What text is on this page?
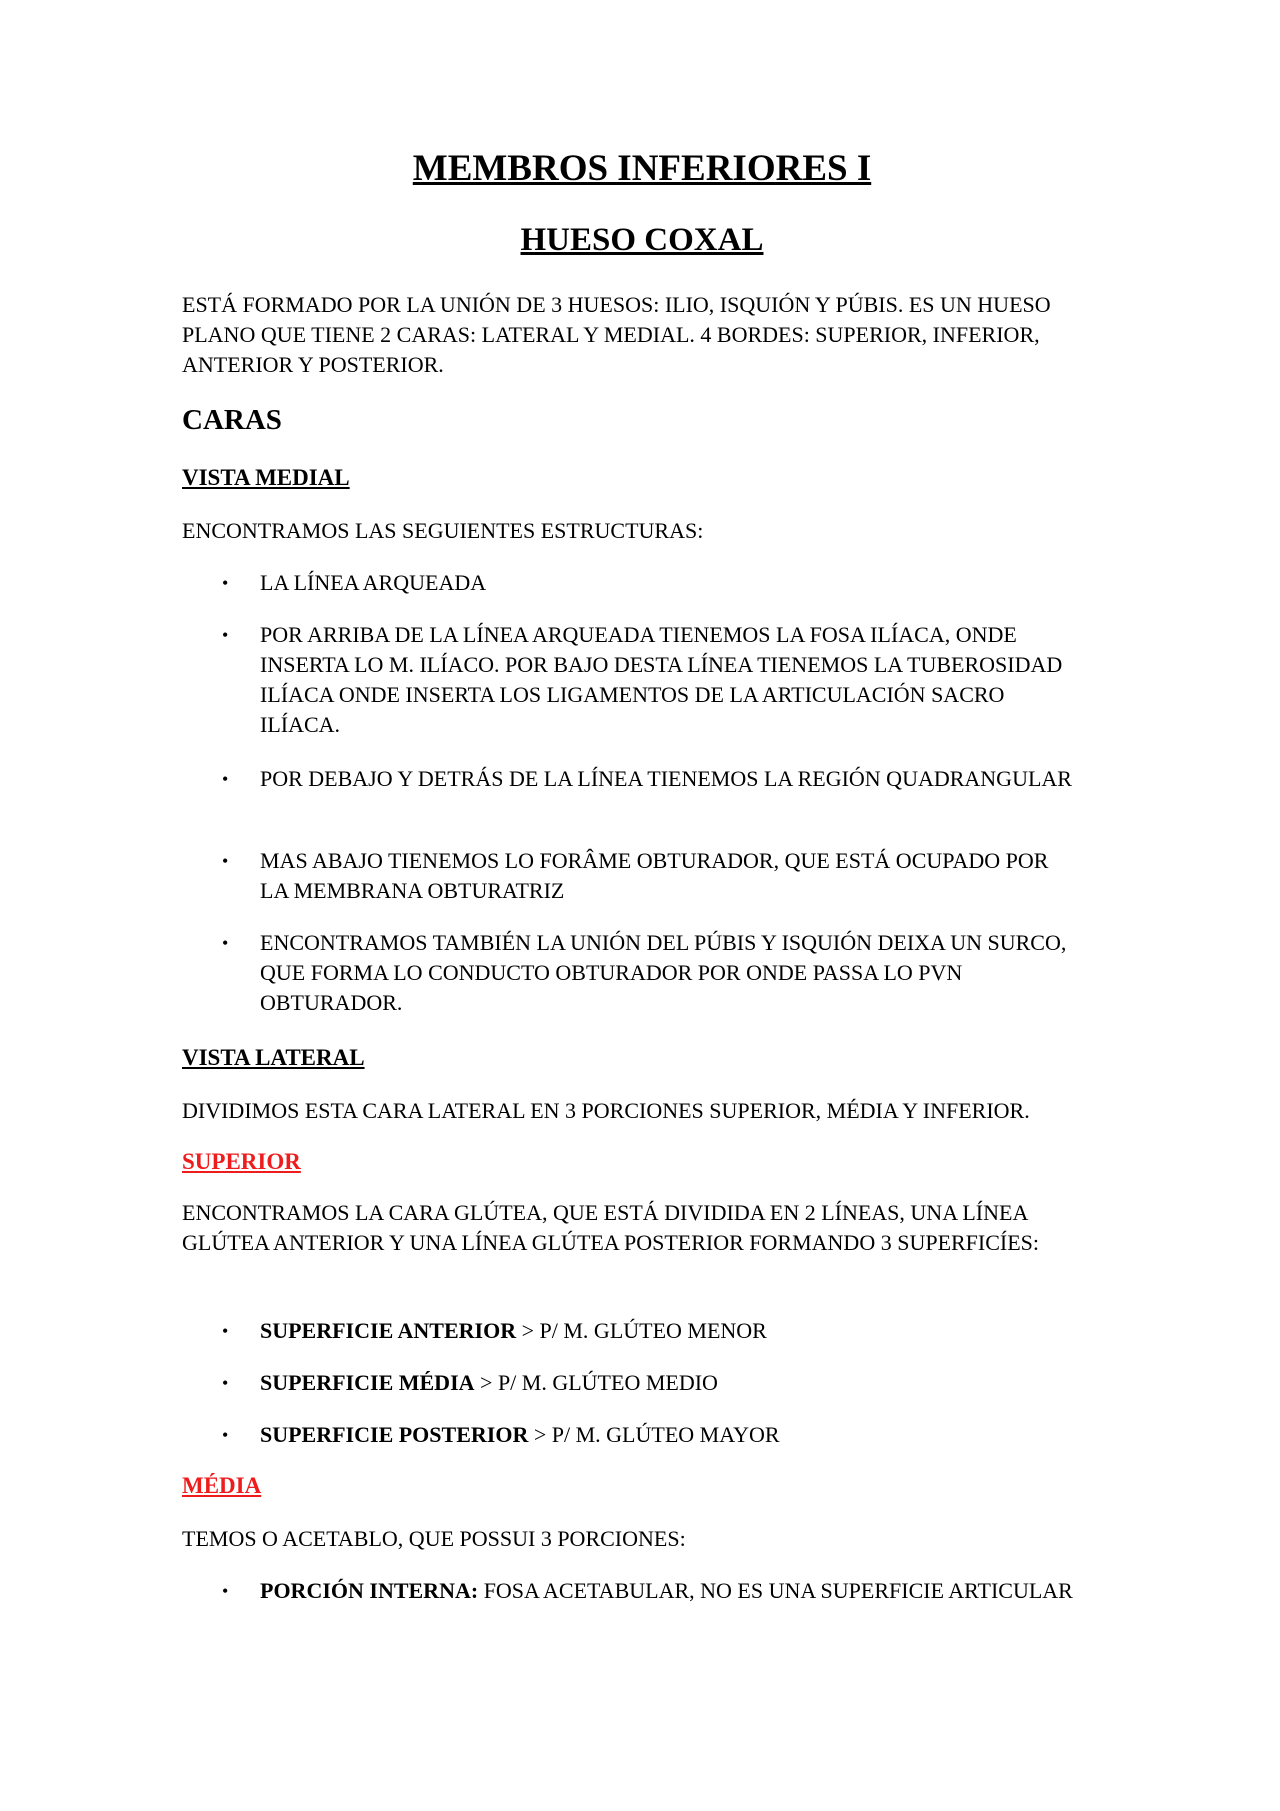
MEMBROS INFERIORES I
HUESO COXAL

ESTÁ FORMADO POR LA UNIÓN DE 3 HUESOS: ILIO, ISQUIÓN Y PÚBIS. ES UN HUESO PLANO QUE TIENE 2 CARAS: LATERAL Y MEDIAL. 4 BORDES: SUPERIOR, INFERIOR, ANTERIOR Y POSTERIOR.

CARAS
VISTA MEDIAL

ENCONTRAMOS LAS SEGUIENTES ESTRUCTURAS:

• LA LÍNEA ARQUEADA
• POR ARRIBA DE LA LÍNEA ARQUEADA TIENEMOS LA FOSA ILÍACA, ONDE INSERTA LO M. ILÍACO. POR BAJO DESTA LÍNEA TIENEMOS LA TUBEROSIDAD ILÍACA ONDE INSERTA LOS LIGAMENTOS DE LA ARTICULACIÓN SACRO ILÍACA.
• POR DEBAJO Y DETRÁS DE LA LÍNEA TIENEMOS LA REGIÓN QUADRANGULAR
• MAS ABAJO TIENEMOS LO FORÂME OBTURADOR, QUE ESTÁ OCUPADO POR LA MEMBRANA OBTURATRIZ
• ENCONTRAMOS TAMBIÉN LA UNIÓN DEL PÚBIS Y ISQUIÓN DEIXA UN SURCO, QUE FORMA LO CONDUCTO OBTURADOR POR ONDE PASSA LO PVN OBTURADOR.
VISTA LATERAL

DIVIDIMOS ESTA CARA LATERAL EN 3 PORCIONES SUPERIOR, MÉDIA Y INFERIOR.

SUPERIOR

ENCONTRAMOS LA CARA GLÚTEA, QUE ESTÁ DIVIDIDA EN 2 LÍNEAS, UNA LÍNEA GLÚTEA ANTERIOR Y UNA LÍNEA GLÚTEA POSTERIOR FORMANDO 3 SUPERFICÍES:

• SUPERFICIE ANTERIOR > P/ M. GLÚTEO MENOR
• SUPERFICIE MÉDIA > P/ M. GLÚTEO MEDIO
• SUPERFICIE POSTERIOR > P/ M. GLÚTEO MAYOR
MÉDIA

TEMOS O ACETABLO, QUE POSSUI 3 PORCIONES:

• PORCIÓN INTERNA: FOSA ACETABULAR, NO ES UNA SUPERFICIE ARTICULAR
